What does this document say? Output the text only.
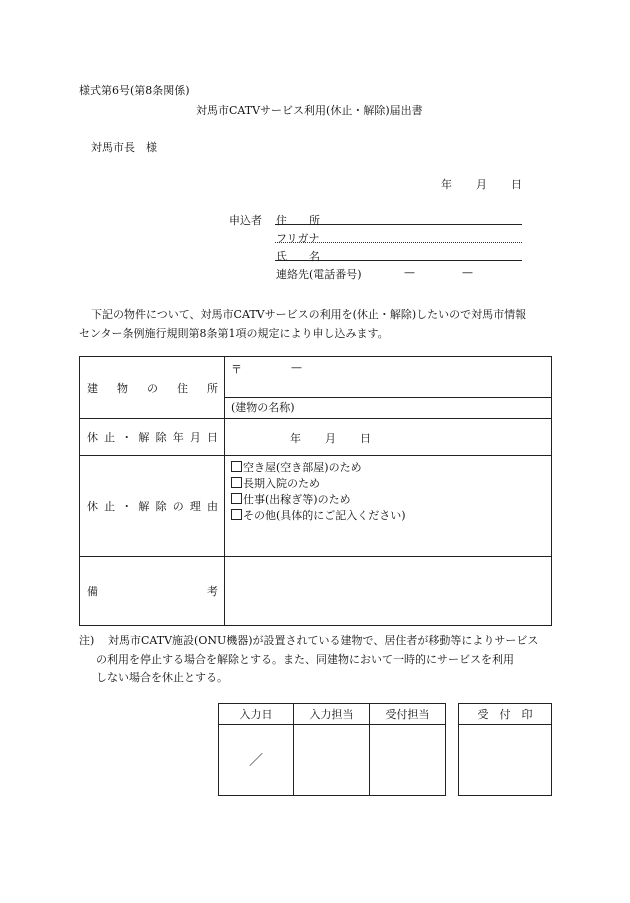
様式第6号(第8条関係)
対馬市CATVサービス利用(休止・解除)届出書
対馬市長　様
年 月 日
申込者 住　　所
フリガナ
氏　　名
連絡先(電話番号)	—	—
下記の物件について、対馬市CATVサービスの利用を(休止・解除)したいので対馬市情報
センター条例施行規則第8条第1項の規定により申し込みます。
建物の住所	〒 —
(建物の名称)

休止・解除年月日	年 月 日

休止・解除の理由	空き屋(空き部屋)のため
長期入院のため
仕事(出稼ぎ等)のため
その他(具体的にご記入ください)

備考	
注) 対馬市CATV施設(ONU機器)が設置されている建物で、居住者が移動等によりサービス
の利用を停止する場合を解除とする。また、同建物において一時的にサービスを利用
しない場合を休止とする。
入力日	入力担当	受付担当	
／			
受　付　印
